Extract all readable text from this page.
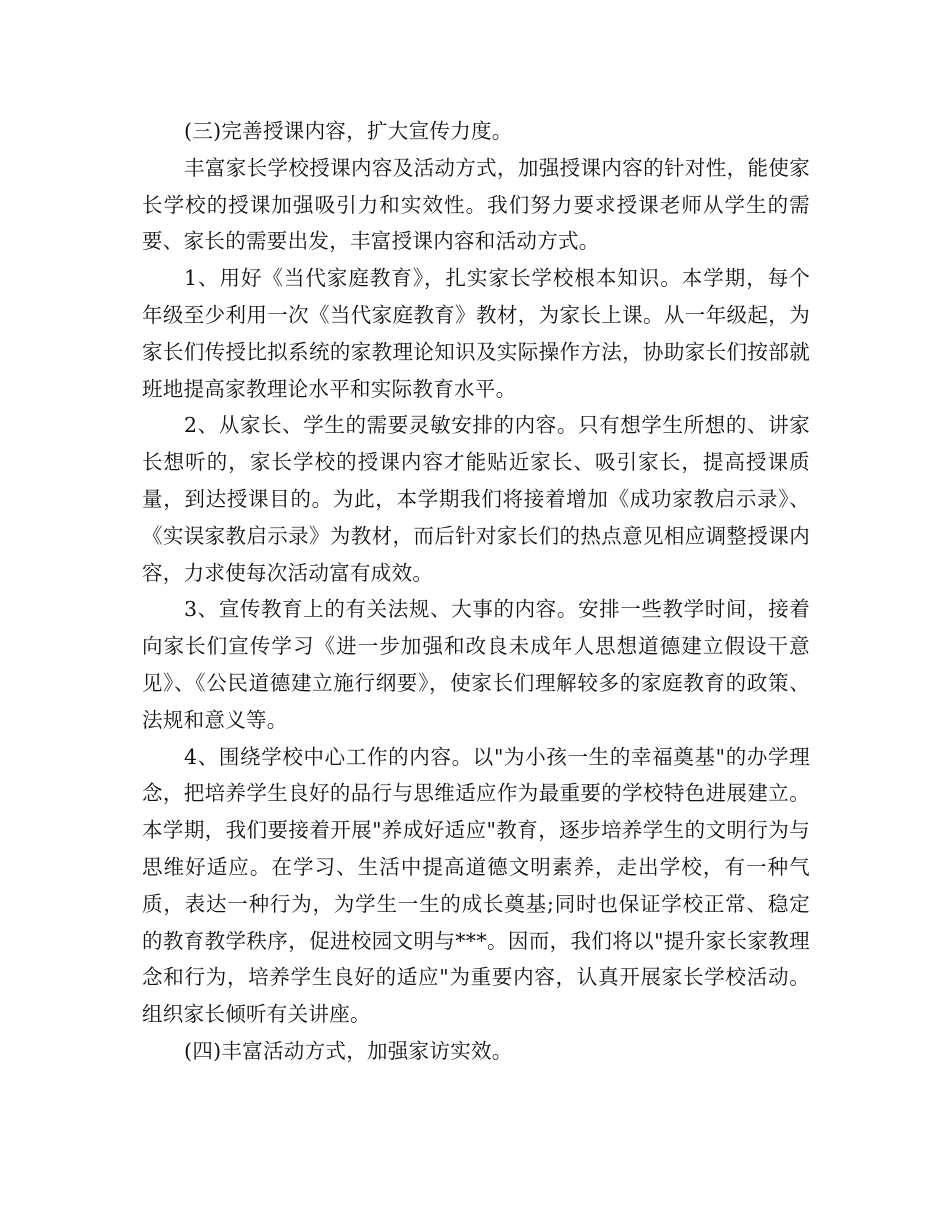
(三)完善授课内容，扩大宣传力度。

丰富家长学校授课内容及活动方式，加强授课内容的针对性，能使家长学校的授课加强吸引力和实效性。我们努力要求授课老师从学生的需要、家长的需要出发，丰富授课内容和活动方式。

1、用好《当代家庭教育》，扎实家长学校根本知识。本学期，每个年级至少利用一次《当代家庭教育》教材，为家长上课。从一年级起，为家长们传授比拟系统的家教理论知识及实际操作方法，协助家长们按部就班地提高家教理论水平和实际教育水平。

2、从家长、学生的需要灵敏安排的内容。只有想学生所想的、讲家长想听的，家长学校的授课内容才能贴近家长、吸引家长，提高授课质量，到达授课目的。为此，本学期我们将接着增加《成功家教启示录》、《实误家教启示录》为教材，而后针对家长们的热点意见相应调整授课内容，力求使每次活动富有成效。

3、宣传教育上的有关法规、大事的内容。安排一些教学时间，接着向家长们宣传学习《进一步加强和改良未成年人思想道德建立假设干意见》、《公民道德建立施行纲要》，使家长们理解较多的家庭教育的政策、法规和意义等。

4、围绕学校中心工作的内容。以"为小孩一生的幸福奠基"的办学理念，把培养学生良好的品行与思维适应作为最重要的学校特色进展建立。本学期，我们要接着开展"养成好适应"教育，逐步培养学生的文明行为与思维好适应。在学习、生活中提高道德文明素养，走出学校，有一种气质，表达一种行为，为学生一生的成长奠基;同时也保证学校正常、稳定的教育教学秩序，促进校园文明与***。因而，我们将以"提升家长家教理念和行为，培养学生良好的适应"为重要内容，认真开展家长学校活动。组织家长倾听有关讲座。

(四)丰富活动方式，加强家访实效。
